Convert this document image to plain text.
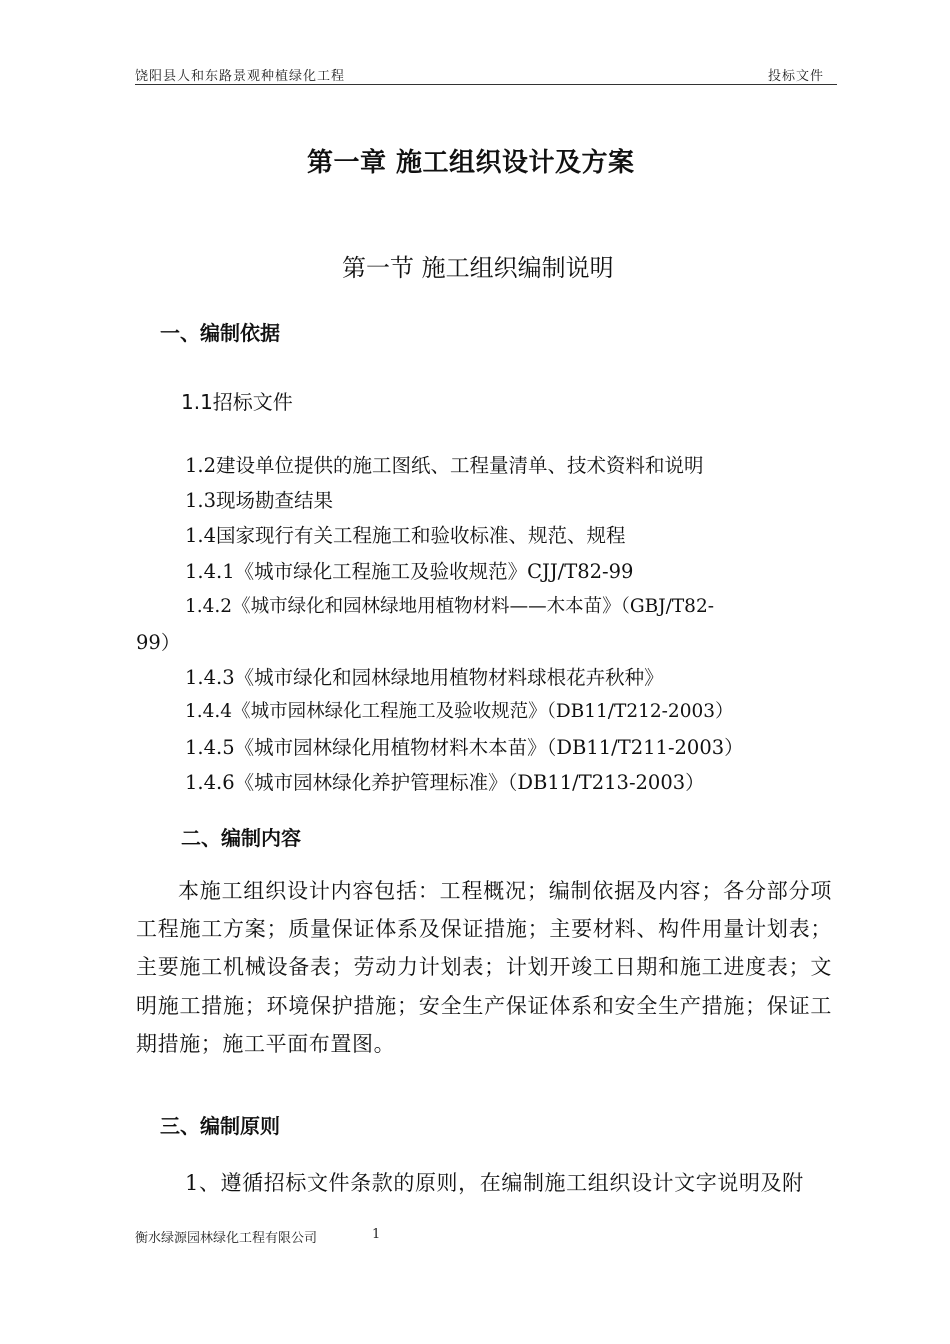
饶阳县人和东路景观种植绿化工程	投标文件
第一章 施工组织设计及方案
第一节 施工组织编制说明
一、编制依据
1.1招标文件
1.2建设单位提供的施工图纸、工程量清单、技术资料和说明
1.3现场勘查结果
1.4国家现行有关工程施工和验收标准、规范、规程
1.4.1《城市绿化工程施工及验收规范》CJJ/T82-99
1.4.2《城市绿化和园林绿地用植物材料——木本苗》（GBJ/T82-
99）
1.4.3《城市绿化和园林绿地用植物材料球根花卉秋种》
1.4.4《城市园林绿化工程施工及验收规范》（DB11/T212-2003）
1.4.5《城市园林绿化用植物材料木本苗》（DB11/T211-2003）
1.4.6《城市园林绿化养护管理标准》（DB11/T213-2003）
二、编制内容
本施工组织设计内容包括：工程概况；编制依据及内容；各分部分项工程施工方案；质量保证体系及保证措施；主要材料、构件用量计划表；主要施工机械设备表；劳动力计划表；计划开竣工日期和施工进度表；文明施工措施；环境保护措施；安全生产保证体系和安全生产措施；保证工期措施；施工平面布置图。
三、编制原则
1、遵循招标文件条款的原则，在编制施工组织设计文字说明及附
衡水绿源园林绿化工程有限公司	1
